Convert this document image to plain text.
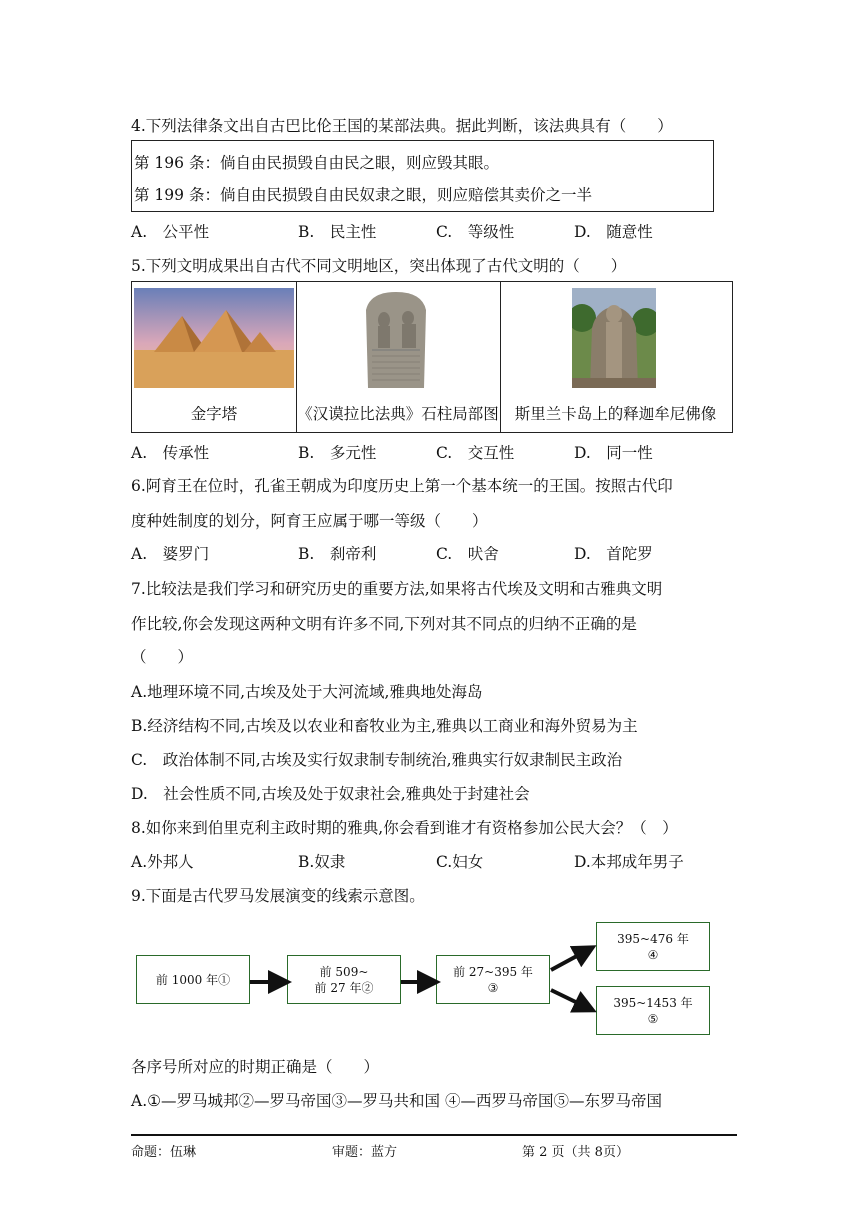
4.下列法律条文出自古巴比伦王国的某部法典。据此判断，该法典具有（　　）
第 196 条：倘自由民损毁自由民之眼，则应毁其眼。
第 199 条：倘自由民损毁自由民奴隶之眼，则应赔偿其卖价之一半
A.　公平性	B.　民主性	C.　等级性	D.　随意性
5.下列文明成果出自古代不同文明地区，突出体现了古代文明的（　　）
金字塔	《汉谟拉比法典》石柱局部图	斯里兰卡岛上的释迦牟尼佛像
A.　传承性	B.　多元性	C.　交互性	D.　同一性
6.阿育王在位时，孔雀王朝成为印度历史上第一个基本统一的王国。按照古代印
度种姓制度的划分，阿育王应属于哪一等级（　　）
A.　婆罗门	B.　刹帝利	C.　吠舍	D.　首陀罗
7.比较法是我们学习和研究历史的重要方法,如果将古代埃及文明和古雅典文明
作比较,你会发现这两种文明有许多不同,下列对其不同点的归纳不正确的是
（　　）
A.地理环境不同,古埃及处于大河流域,雅典地处海岛
B.经济结构不同,古埃及以农业和畜牧业为主,雅典以工商业和海外贸易为主
C.　政治体制不同,古埃及实行奴隶制专制统治,雅典实行奴隶制民主政治
D.　社会性质不同,古埃及处于奴隶社会,雅典处于封建社会
8.如你来到伯里克利主政时期的雅典,你会看到谁才有资格参加公民大会？（　）
A.外邦人	B.奴隶	C.妇女	D.本邦成年男子
9.下面是古代罗马发展演变的线索示意图。
前 1000 年①
前 509~
前 27 年②
前 27~395 年
③
395~476 年
④
395~1453 年
⑤
各序号所对应的时期正确是（　　）
A.①—罗马城邦②—罗马帝国③—罗马共和国 ④—西罗马帝国⑤—东罗马帝国
命题：伍琳	审题：蓝方	第 2 页（共 8页）
